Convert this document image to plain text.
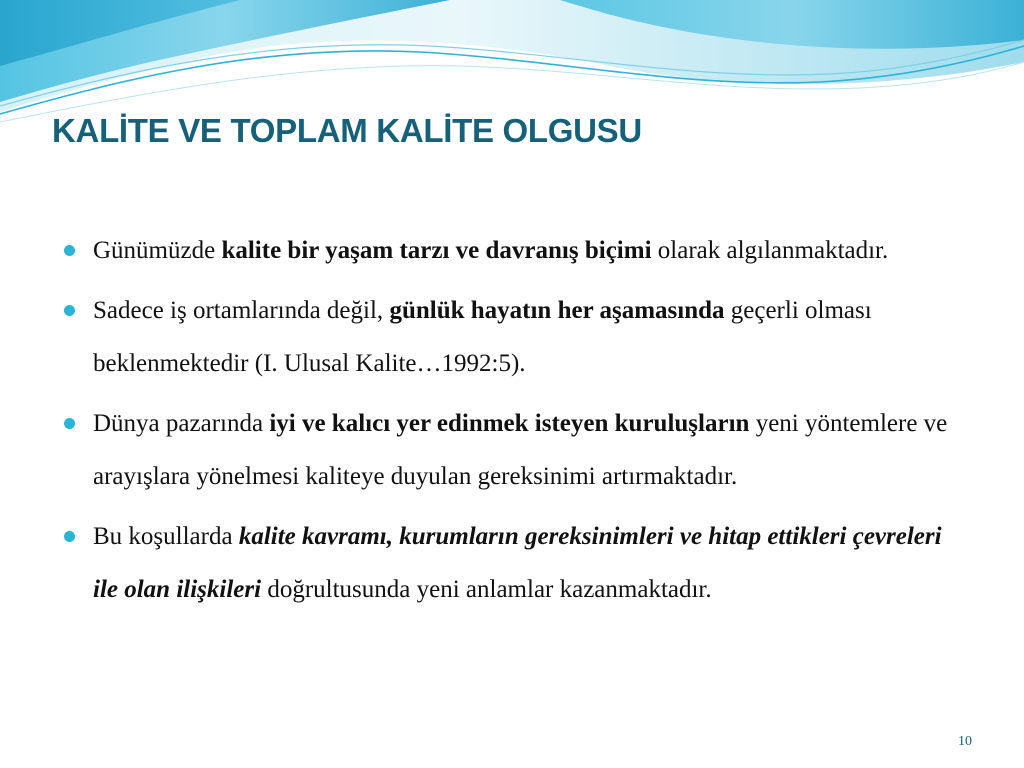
KALİTE VE TOPLAM KALİTE OLGUSU
Günümüzde kalite bir yaşam tarzı ve davranış biçimi olarak algılanmaktadır.
Sadece iş ortamlarında değil, günlük hayatın her aşamasında geçerli olması beklenmektedir (I. Ulusal Kalite…1992:5).
Dünya pazarında iyi ve kalıcı yer edinmek isteyen kuruluşların yeni yöntemlere ve arayışlara yönelmesi kaliteye duyulan gereksinimi artırmaktadır.
Bu koşullarda kalite kavramı, kurumların gereksinimleri ve hitap ettikleri çevreleri ile olan ilişkileri doğrultusunda yeni anlamlar kazanmaktadır.
10
